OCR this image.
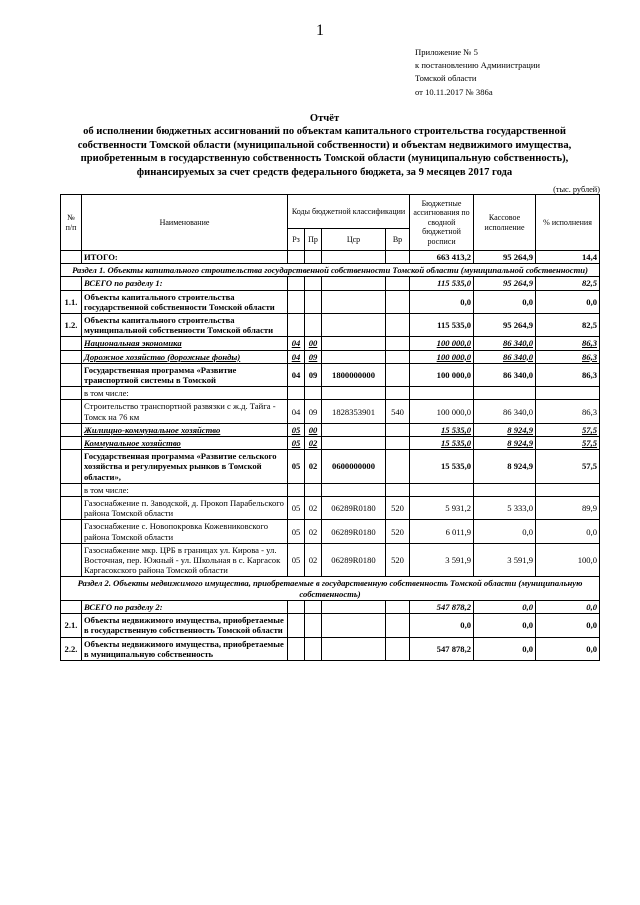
1
Приложение № 5
к постановлению Администрации
Томской области
от 10.11.2017 № 386а
Отчёт
об исполнении бюджетных ассигнований по объектам капитального строительства государственной
собственности Томской области (муниципальной собственности) и объектам недвижимого имущества,
приобретенным в государственную собственность Томской области (муниципальную собственность),
финансируемых за счет средств федерального бюджета, за 9 месяцев 2017 года
(тыс. рублей)
№ п/п	Наименование	Коды бюджетной классификации				Бюджетные ассигнования по сводной бюджетной росписи	Кассовое исполнение	% исполнения
		Рз	Пр	Цср	Вр			
	ИТОГО:					663 413,2	95 264,9	14,4
Раздел 1. Объекты капитального строительства государственной собственности Томской области (муниципальной собственности)								
	ВСЕГО по разделу 1:					115 535,0	95 264,9	82,5
1.1.	Объекты капитального строительства государственной собственности Томской области					0,0	0,0	0,0
1.2.	Объекты капитального строительства муниципальной собственности Томской области					115 535,0	95 264,9	82,5
	Национальная экономика	04	00			100 000,0	86 340,0	86,3
	Дорожное хозяйство (дорожные фонды)	04	09			100 000,0	86 340,0	86,3
	Государственная программа «Развитие транспортной системы в Томской	04	09	1800000000		100 000,0	86 340,0	86,3
	в том числе:							
	Строительство транспортной развязки с ж.д. Тайга - Томск на 76 км	04	09	1828353901	540	100 000,0	86 340,0	86,3
	Жилищно-коммунальное хозяйство	05	00			15 535,0	8 924,9	57,5
	Коммунальное хозяйство	05	02			15 535,0	8 924,9	57,5
	Государственная программа «Развитие сельского хозяйства и регулируемых рынков в Томской области»,	05	02	0600000000		15 535,0	8 924,9	57,5
	в том числе:							
	Газоснабжение п. Заводской, д. Прокоп Парабельского района Томской области	05	02	06289R0180	520	5 931,2	5 333,0	89,9
	Газоснабжение с. Новопокровка Кожевниковского района Томской области	05	02	06289R0180	520	6 011,9	0,0	0,0
	Газоснабжение мкр. ЦРБ в границах ул. Кирова - ул. Восточная, пер. Южный - ул. Школьная в с. Каргасок Каргасокского района Томской области	05	02	06289R0180	520	3 591,9	3 591,9	100,0
Раздел 2. Объекты недвижимого имущества, приобретаемые в государственную собственность Томской области (муниципальную собственность)								
	ВСЕГО по разделу 2:					547 878,2	0,0	0,0
2.1.	Объекты недвижимого имущества, приобретаемые в государственную собственность Томской области					0,0	0,0	0,0
2.2.	Объекты недвижимого имущества, приобретаемые в муниципальную собственность					547 878,2	0,0	0,0
